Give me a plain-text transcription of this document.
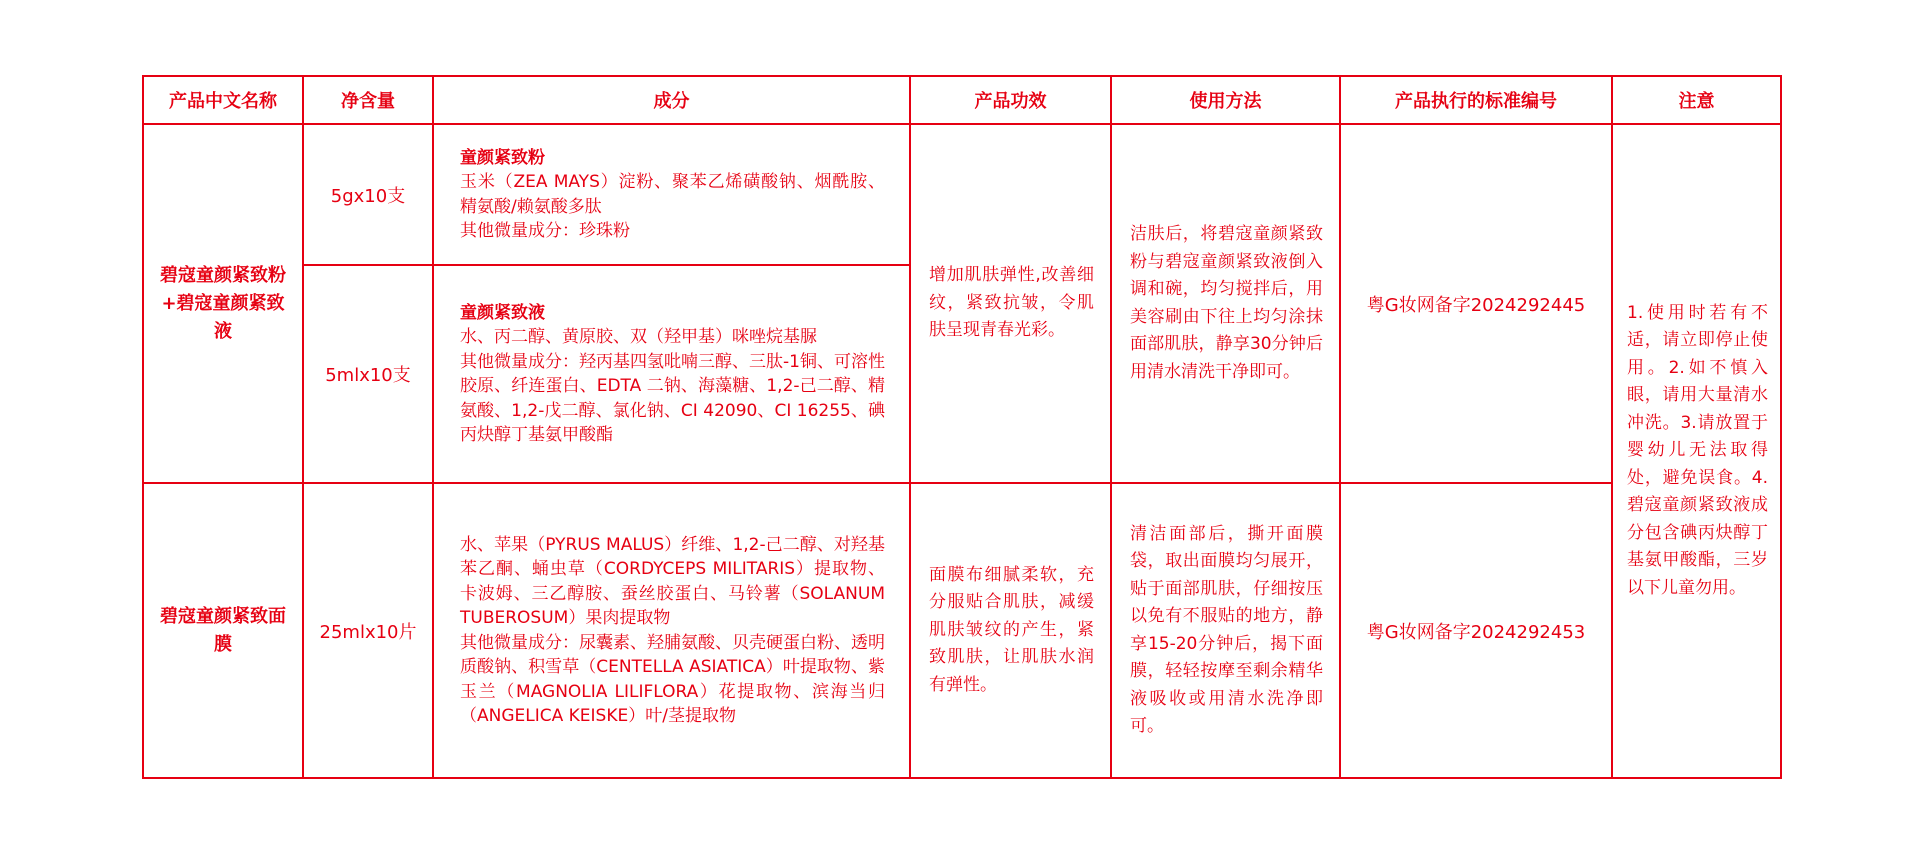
产品中文名称	净含量	成分	产品功效	使用方法	产品执行的标准编号	注意
碧寇童颜紧致粉+碧寇童颜紧致液	5gx10支	童颜紧致粉
玉米（ZEA MAYS）淀粉、聚苯乙烯磺酸钠、烟酰胺、精氨酸/赖氨酸多肽
其他微量成分：珍珠粉	增加肌肤弹性,改善细纹，紧致抗皱，令肌肤呈现青春光彩。	洁肤后，将碧寇童颜紧致粉与碧寇童颜紧致液倒入调和碗，均匀搅拌后，用美容刷由下往上均匀涂抹面部肌肤，静享30分钟后用清水清洗干净即可。	粤G妆网备字2024292445	1.使用时若有不适，请立即停止使用。2.如不慎入眼，请用大量清水冲洗。3.请放置于婴幼儿无法取得处，避免误食。4.碧寇童颜紧致液成分包含碘丙炔醇丁基氨甲酸酯，三岁以下儿童勿用。
	5mlx10支	童颜紧致液
水、丙二醇、黄原胶、双（羟甲基）咪唑烷基脲
其他微量成分：羟丙基四氢吡喃三醇、三肽-1铜、可溶性胶原、纤连蛋白、EDTA 二钠、海藻糖、1,2-己二醇、精氨酸、1,2-戊二醇、氯化钠、CI 42090、CI 16255、碘丙炔醇丁基氨甲酸酯				

碧寇童颜紧致面膜	25mlx10片	水、苹果（PYRUS MALUS）纤维、1,2-己二醇、对羟基苯乙酮、蛹虫草（CORDYCEPS MILITARIS）提取物、卡波姆、三乙醇胺、蚕丝胶蛋白、马铃薯（SOLANUM TUBEROSUM）果肉提取物
其他微量成分：尿囊素、羟脯氨酸、贝壳硬蛋白粉、透明质酸钠、积雪草（CENTELLA ASIATICA）叶提取物、紫玉兰（MAGNOLIA LILIFLORA）花提取物、滨海当归（ANGELICA KEISKE）叶/茎提取物	面膜布细腻柔软，充分服贴合肌肤，减缓肌肤皱纹的产生，紧致肌肤，让肌肤水润有弹性。	清洁面部后，撕开面膜袋，取出面膜均匀展开，贴于面部肌肤，仔细按压以免有不服贴的地方，静享15-20分钟后，揭下面膜，轻轻按摩至剩余精华液吸收或用清水洗净即可。	粤G妆网备字2024292453	
